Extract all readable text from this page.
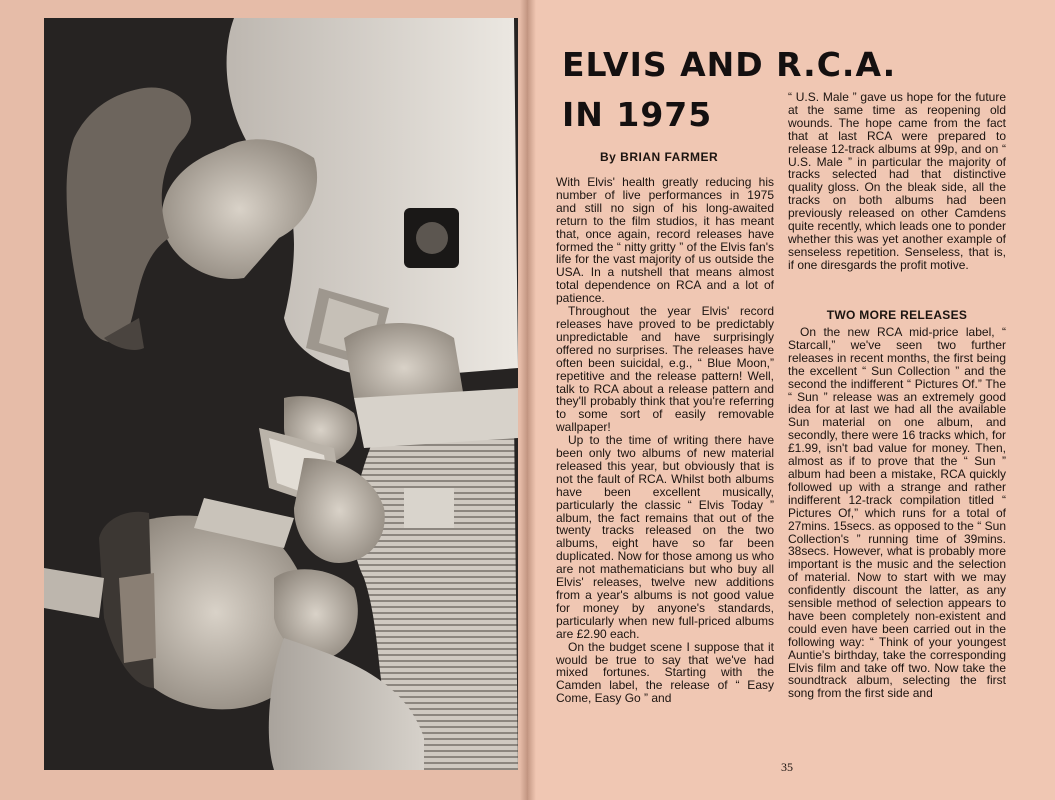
ELVIS AND R.C.A.
IN 1975
By BRIAN FARMER

With Elvis' health greatly reducing his number of live performances in 1975 and still no sign of his long-awaited return to the film studios, it has meant that, once again, record releases have formed the “ nitty gritty ” of the Elvis fan's life for the vast majority of us outside the USA. In a nutshell that means almost total dependence on RCA and a lot of patience.

Throughout the year Elvis' record releases have proved to be predictably unpredictable and have surprisingly offered no surprises. The releases have often been suicidal, e.g., “ Blue Moon,” repetitive and the release pattern! Well, talk to RCA about a release pattern and they'll probably think that you're referring to some sort of easily removable wallpaper!

Up to the time of writing there have been only two albums of new material released this year, but obviously that is not the fault of RCA. Whilst both albums have been excellent musically, particularly the classic “ Elvis Today ” album, the fact remains that out of the twenty tracks released on the two albums, eight have so far been duplicated. Now for those among us who are not mathematicians but who buy all Elvis' releases, twelve new additions from a year's albums is not good value for money by anyone's standards, particularly when new full-priced albums are £2.90 each.

On the budget scene I suppose that it would be true to say that we've had mixed fortunes. Starting with the Camden label, the release of “ Easy Come, Easy Go ” and

“ U.S. Male ” gave us hope for the future at the same time as reopening old wounds. The hope came from the fact that at last RCA were prepared to release 12-track albums at 99p, and on “ U.S. Male ” in particular the majority of tracks selected had that distinctive quality gloss. On the bleak side, all the tracks on both albums had been previously released on other Camdens quite recently, which leads one to ponder whether this was yet another example of senseless repetition. Senseless, that is, if one diresgards the profit motive.

TWO MORE RELEASES

On the new RCA mid-price label, “ Starcall,” we've seen two further releases in recent months, the first being the excellent “ Sun Collection ” and the second the indifferent “ Pictures Of.” The “ Sun ” release was an extremely good idea for at last we had all the available Sun material on one album, and secondly, there were 16 tracks which, for £1.99, isn't bad value for money. Then, almost as if to prove that the “ Sun ” album had been a mistake, RCA quickly followed up with a strange and rather indifferent 12-track compilation titled “ Pictures Of,” which runs for a total of 27mins. 15secs. as opposed to the “ Sun Collection's ” running time of 39mins. 38secs. However, what is probably more important is the music and the selection of material. Now to start with we may confidently discount the latter, as any sensible method of selection appears to have been completely non-existent and could even have been carried out in the following way: “ Think of your youngest Auntie's birthday, take the corresponding Elvis film and take off two. Now take the soundtrack album, selecting the first song from the first side and

35
